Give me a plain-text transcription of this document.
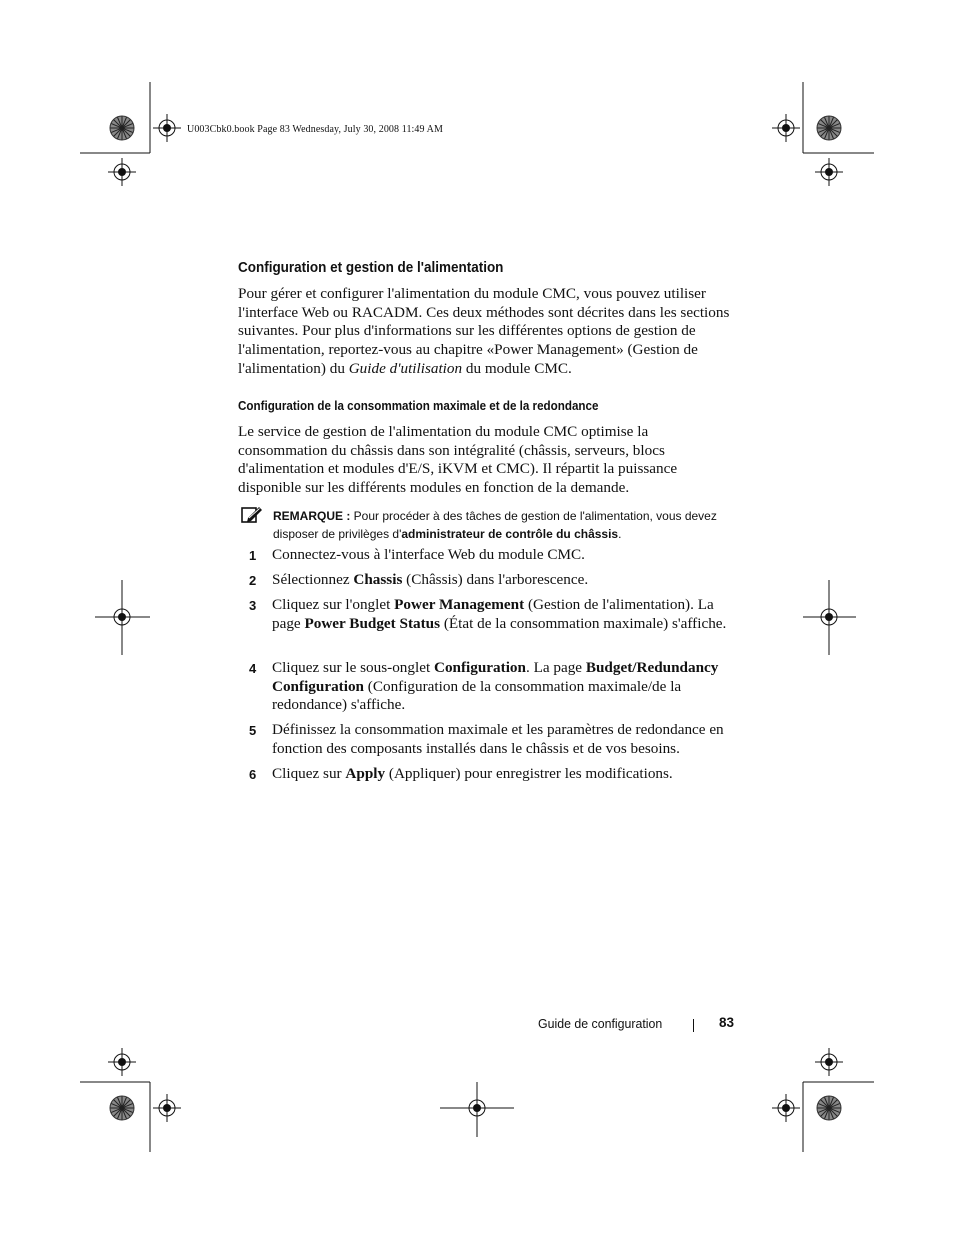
U003Cbk0.book Page 83 Wednesday, July 30, 2008 11:49 AM
Configuration et gestion de l'alimentation

Pour gérer et configurer l'alimentation du module CMC, vous pouvez utiliser l'interface Web ou RACADM. Ces deux méthodes sont décrites dans les sections suivantes. Pour plus d'informations sur les différentes options de gestion de l'alimentation, reportez-vous au chapitre «Power Management» (Gestion de l'alimentation) du Guide d'utilisation du module CMC.

Configuration de la consommation maximale et de la redondance

Le service de gestion de l'alimentation du module CMC optimise la consommation du châssis dans son intégralité (châssis, serveurs, blocs d'alimentation et modules d'E/S, iKVM et CMC). Il répartit la puissance disponible sur les différents modules en fonction de la demande.

REMARQUE : Pour procéder à des tâches de gestion de l'alimentation, vous devez disposer de privilèges d'administrateur de contrôle du châssis.
1 Connectez-vous à l'interface Web du module CMC.
2 Sélectionnez Chassis (Châssis) dans l'arborescence.
3 Cliquez sur l'onglet Power Management (Gestion de l'alimentation). La page Power Budget Status (État de la consommation maximale) s'affiche.
4 Cliquez sur le sous-onglet Configuration. La page Budget/Redundancy Configuration (Configuration de la consommation maximale/de la redondance) s'affiche.
5 Définissez la consommation maximale et les paramètres de redondance en fonction des composants installés dans le châssis et de vos besoins.
6 Cliquez sur Apply (Appliquer) pour enregistrer les modifications.
Guide de configuration	83
